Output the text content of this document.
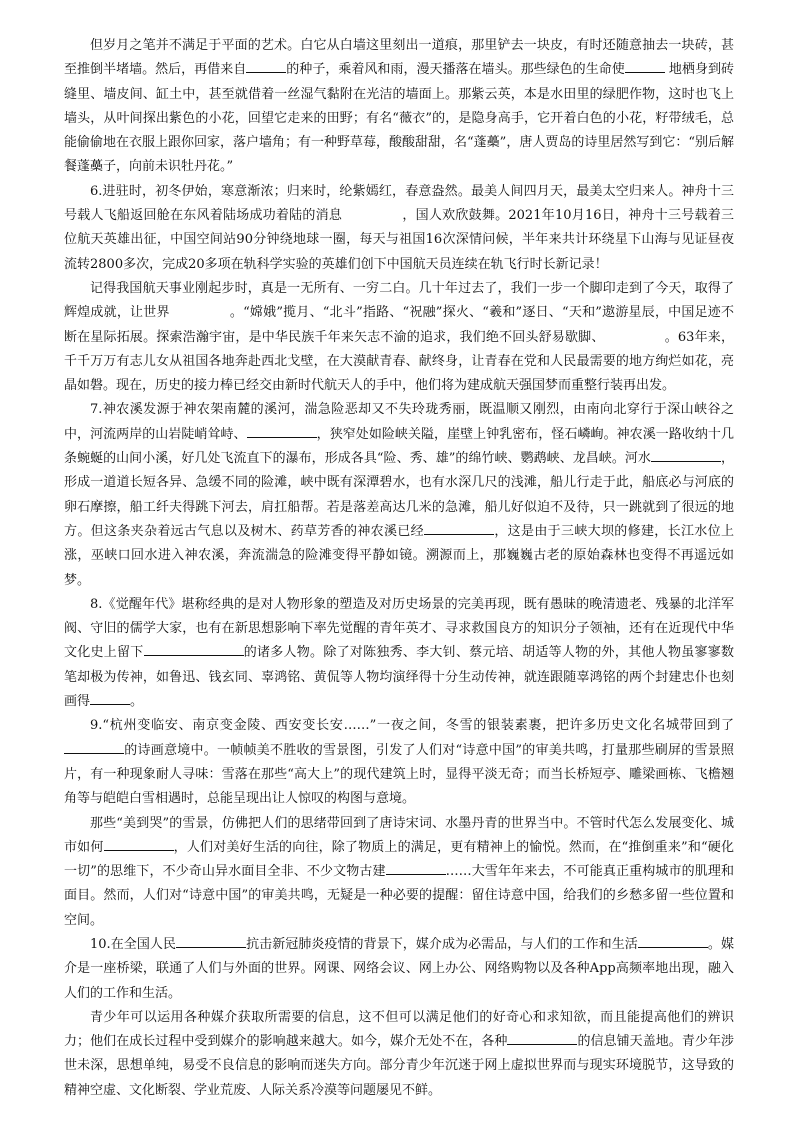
但岁月之笔并不满足于平面的艺术。白它从白墙这里刻出一道痕，那里铲去一块皮，有时还随意抽去一块砖，甚至推倒半堵墙。然后，再借来自	的种子，乘着风和雨，漫天播落在墙头。那些绿色的生命使	地栖身到砖缝里、墙皮间、缸土中，甚至就借着一丝湿气黏附在光洁的墙面上。那紫云英，本是水田里的绿肥作物，这时也飞上墙头，从叶间探出紫色的小花，回望它走来的田野；有名“薇衣”的，是隐身高手，它开着白色的小花，籽带绒毛，总能偷偷地在衣服上跟你回家，落户墙角；有一种野草莓，酸酸甜甜，名“蓬蘽”，唐人贾岛的诗里居然写到它：“别后解餐蓬蘽子，向前未识牡丹花。”

6.进驻时，初冬伊始，寒意渐浓；归来时，纶紫嫣红，春意盎然。最美人间四月天，最美太空归来人。神舟十三号载人飞船返回舱在东风着陆场成功着陆的消息	，国人欢欣鼓舞。2021年10月16日，神舟十三号载着三位航天英雄出征，中国空间站90分钟绕地球一圈，每天与祖国16次深情问候，半年来共计环绕星下山海与见证昼夜流转2800多次，完成20多项在轨科学实验的英雄们创下中国航天员连续在轨飞行时长新记录！

记得我国航天事业刚起步时，真是一无所有、一穷二白。几十年过去了，我们一步一个脚印走到了今天，取得了辉煌成就，让世界	。“嫦娥”揽月、“北斗”指路、“祝融”探火、“羲和”逐日、“天和”遨游星辰，中国足迹不断在星际拓展。探索浩瀚宇宙，是中华民族千年来矢志不渝的追求，我们绝不回头舒易歇脚、	。63年来，千千万万有志儿女从祖国各地奔赴西北戈壁，在大漠献青春、献终身，让青春在党和人民最需要的地方绚烂如花，亮晶如磐。现在，历史的接力棒已经交由新时代航天人的手中，他们将为建成航天强国梦而重整行装再出发。

7.神农溪发源于神农架南麓的溪河，湍急险恶却又不失玲珑秀丽，既温顺又刚烈，由南向北穿行于深山峡谷之中，河流两岸的山岩陡峭耸峙、	，狭窄处如险峡关隘，崖壁上钟乳密布，怪石嶙峋。神农溪一路收纳十几条蜿蜒的山间小溪，好几处飞流直下的瀑布，形成各具“险、秀、雄”的绵竹峡、鹦鹉峡、龙昌峡。河水	，形成一道道长短各异、急缓不同的险滩，峡中既有深潭碧水，也有水深几尺的浅滩，船儿行走于此，船底必与河底的卵石摩擦，船工纤夫得跳下河去，肩扛船帮。若是落差高达几米的急滩，船儿好似迫不及待，只一跳就到了很远的地方。但这条夹杂着远古气息以及树木、药草芳香的神农溪已经	，这是由于三峡大坝的修建，长江水位上涨，巫峡口回水进入神农溪，奔流湍急的险滩变得平静如镜。溯源而上，那巍巍古老的原始森林也变得不再遥远如梦。

8.《觉醒年代》堪称经典的是对人物形象的塑造及对历史场景的完美再现，既有愚昧的晚清遗老、残暴的北洋军阀、守旧的儒学大家，也有在新思想影响下率先觉醒的青年英才、寻求救国良方的知识分子领袖，还有在近现代中华文化史上留下	的诸多人物。除了对陈独秀、李大钊、蔡元培、胡适等人物的外，其他人物虽寥寥数笔却极为传神，如鲁迅、钱玄同、辜鸿铭、黄侃等人物均演绎得十分生动传神，就连跟随辜鸿铭的两个封建忠仆也刻画得	。

9.“杭州变临安、南京变金陵、西安变长安……”一夜之间，冬雪的银装素裹，把许多历史文化名城带回到了的诗画意境中。一帧帧美不胜收的雪景图，引发了人们对“诗意中国”的审美共鸣，打量那些刷屏的雪景照片，有一种现象耐人寻味：雪落在那些“高大上”的现代建筑上时，显得平淡无奇；而当长桥短亭、雕梁画栋、飞檐翘角等与皑皑白雪相遇时，总能呈现出让人惊叹的构图与意境。

那些“美到哭”的雪景，仿佛把人们的思绪带回到了唐诗宋词、水墨丹青的世界当中。不管时代怎么发展变化、城市如何	，人们对美好生活的向往，除了物质上的满足，更有精神上的愉悦。然而，在“推倒重来”和“硬化一切”的思维下，不少奇山异水面目全非、不少文物古建	……大雪年年来去，不可能真正重构城市的肌理和面目。然而，人们对“诗意中国”的审美共鸣，无疑是一种必要的提醒：留住诗意中国，给我们的乡愁多留一些位置和空间。

10.在全国人民	抗击新冠肺炎疫情的背景下，媒介成为必需品，与人们的工作和生活	。媒介是一座桥梁，联通了人们与外面的世界。网课、网络会议、网上办公、网络购物以及各种App高频率地出现，融入人们的工作和生活。

青少年可以运用各种媒介获取所需要的信息，这不但可以满足他们的好奇心和求知欲，而且能提高他们的辨识力；他们在成长过程中受到媒介的影响越来越大。如今，媒介无处不在，各种	的信息铺天盖地。青少年涉世未深，思想单纯，易受不良信息的影响而迷失方向。部分青少年沉迷于网上虚拟世界而与现实环境脱节，这导致的精神空虚、文化断裂、学业荒废、人际关系冷漠等问题屡见不鲜。
